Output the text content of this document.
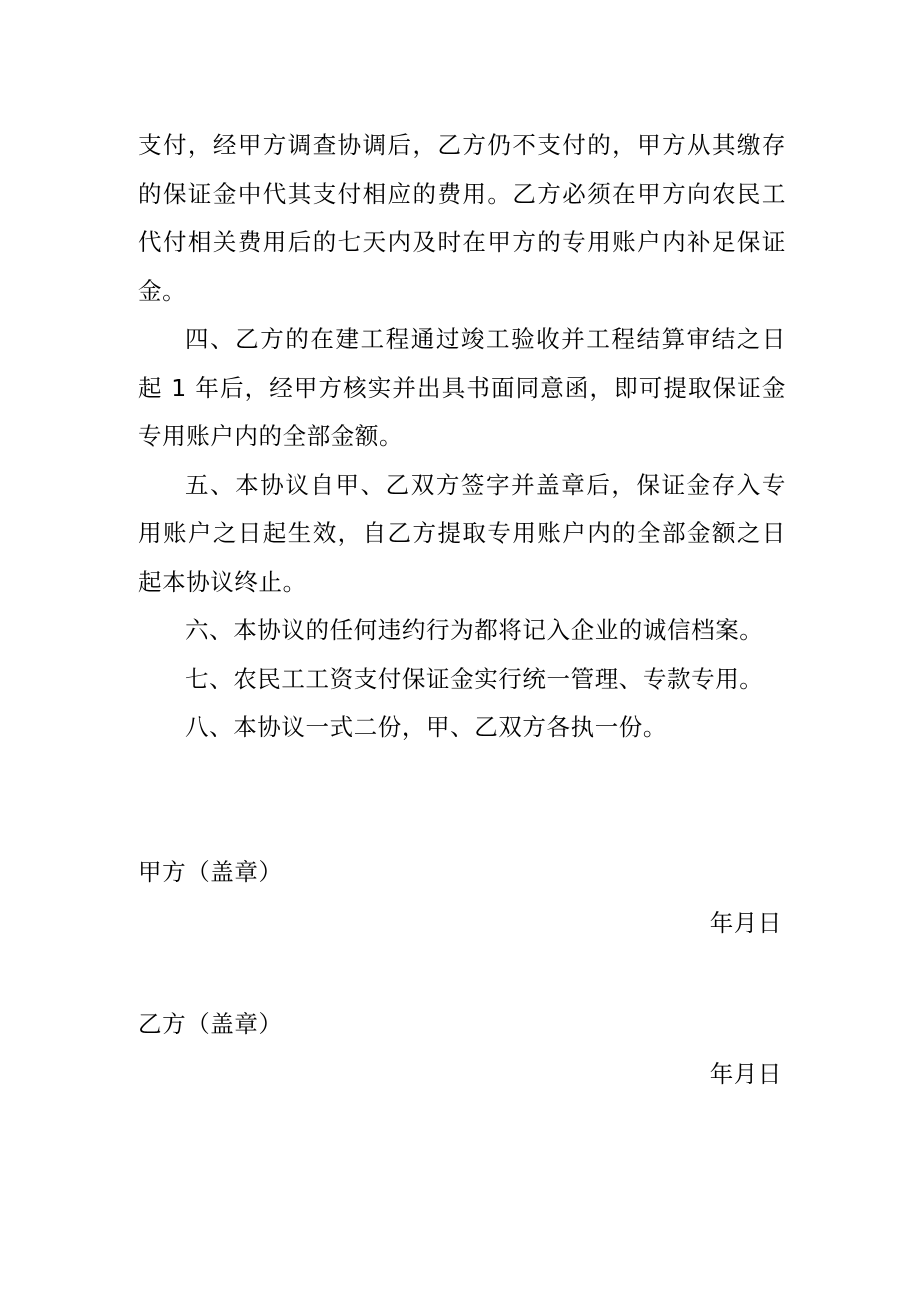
支付，经甲方调查协调后，乙方仍不支付的，甲方从其缴存的保证金中代其支付相应的费用。乙方必须在甲方向农民工代付相关费用后的七天内及时在甲方的专用账户内补足保证金。

四、乙方的在建工程通过竣工验收并工程结算审结之日起 1 年后，经甲方核实并出具书面同意函，即可提取保证金专用账户内的全部金额。

五、本协议自甲、乙双方签字并盖章后，保证金存入专用账户之日起生效，自乙方提取专用账户内的全部金额之日起本协议终止。

六、本协议的任何违约行为都将记入企业的诚信档案。

七、农民工工资支付保证金实行统一管理、专款专用。

八、本协议一式二份，甲、乙双方各执一份。

甲方（盖章）

年月日

乙方（盖章）

年月日
